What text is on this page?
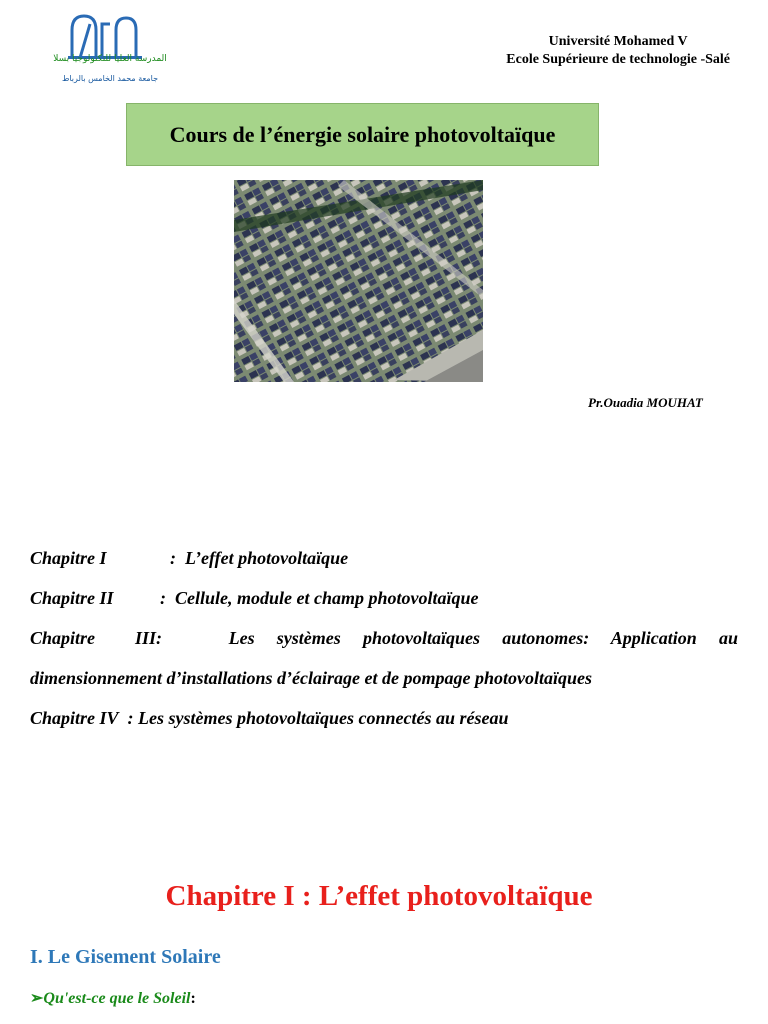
المدرسة العليا للتكنولوجيا بسلا
جامعة محمد الخامس بالرباط
Université Mohamed V
Ecole Supérieure de technologie -Salé
Cours de l’énergie solaire photovoltaïque
Pr.Ouadia MOUHAT
Chapitre I	:  L’effet photovoltaïque
Chapitre II	:  Cellule, module et champ photovoltaïque
Chapitre III:   Les systèmes photovoltaïques autonomes: Application au
dimensionnement d’installations d’éclairage et de pompage photovoltaïques
Chapitre IV  : Les systèmes photovoltaïques connectés au réseau
Chapitre I : L’effet photovoltaïque
I. Le Gisement Solaire
➢Qu'est-ce que le Soleil:
